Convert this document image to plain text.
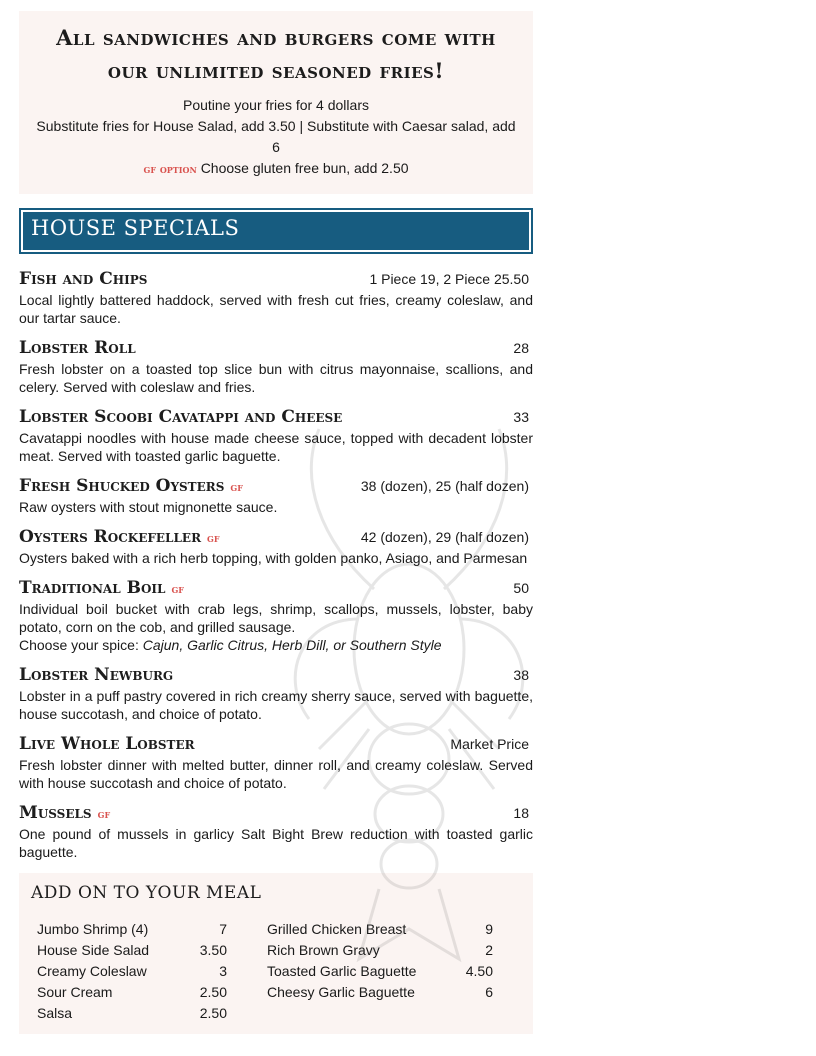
All sandwiches and burgers come with
our unlimited seasoned fries!
Poutine your fries for 4 dollars
Substitute fries for House Salad, add 3.50 | Substitute with Caesar salad, add 6
gf option Choose gluten free bun, add 2.50
HOUSE SPECIALS
Fish and Chips	1 Piece 19, 2 Piece 25.50
Local lightly battered haddock, served with fresh cut fries, creamy coleslaw, and our tartar sauce.
Lobster Roll	28
Fresh lobster on a toasted top slice bun with citrus mayonnaise, scallions, and celery. Served with coleslaw and fries.
Lobster Scoobi Cavatappi and Cheese	33
Cavatappi noodles with house made cheese sauce, topped with decadent lobster meat. Served with toasted garlic baguette.
Fresh Shucked Oysters gf	38 (dozen), 25 (half dozen)
Raw oysters with stout mignonette sauce.
Oysters Rockefeller gf	42 (dozen), 29 (half dozen)
Oysters baked with a rich herb topping, with golden panko, Asiago, and Parmesan
Traditional Boil gf	50
Individual boil bucket with crab legs, shrimp, scallops, mussels, lobster, baby potato, corn on the cob, and grilled sausage.
Choose your spice: Cajun, Garlic Citrus, Herb Dill, or Southern Style
Lobster Newburg	38
Lobster in a puff pastry covered in rich creamy sherry sauce, served with baguette, house succotash, and choice of potato.
Live Whole Lobster	Market Price
Fresh lobster dinner with melted butter, dinner roll, and creamy coleslaw. Served with house succotash and choice of potato.
Mussels gf	18
One pound of mussels in garlicy Salt Bight Brew reduction with toasted garlic baguette.
ADD ON TO YOUR MEAL
Jumbo Shrimp (4)	7
House Side Salad	3.50
Creamy Coleslaw	3
Sour Cream	2.50
Salsa	2.50
Grilled Chicken Breast	9
Rich Brown Gravy	2
Toasted Garlic Baguette	4.50
Cheesy Garlic Baguette	6
